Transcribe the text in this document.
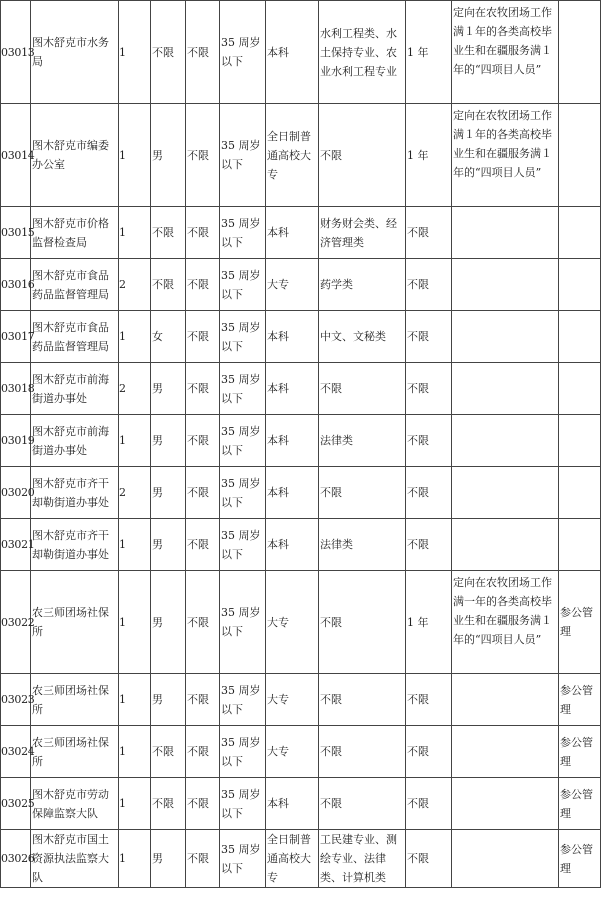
03013	图木舒克市水务局	1	不限	不限	35 周岁以下	本科	水利工程类、水土保持专业、农业水利工程专业	1 年	定向在农牧团场工作满１年的各类高校毕业生和在疆服务满１年的“四项目人员”	
03014	图木舒克市编委办公室	1	男	不限	35 周岁以下	全日制普通高校大专	不限	1 年	定向在农牧团场工作满１年的各类高校毕业生和在疆服务满１年的“四项目人员”	
03015	图木舒克市价格监督检查局	1	不限	不限	35 周岁以下	本科	财务财会类、经济管理类	不限		
03016	图木舒克市食品药品监督管理局	2	不限	不限	35 周岁以下	大专	药学类	不限		
03017	图木舒克市食品药品监督管理局	1	女	不限	35 周岁以下	本科	中文、文秘类	不限		
03018	图木舒克市前海街道办事处	2	男	不限	35 周岁以下	本科	不限	不限		
03019	图木舒克市前海街道办事处	1	男	不限	35 周岁以下	本科	法律类	不限		
03020	图木舒克市齐干却勒街道办事处	2	男	不限	35 周岁以下	本科	不限	不限		
03021	图木舒克市齐干却勒街道办事处	1	男	不限	35 周岁以下	本科	法律类	不限		
03022	农三师团场社保所	1	男	不限	35 周岁以下	大专	不限	1 年	定向在农牧团场工作满一年的各类高校毕业生和在疆服务满１年的“四项目人员”	参公管理
03023	农三师团场社保所	1	男	不限	35 周岁以下	大专	不限	不限		参公管理
03024	农三师团场社保所	1	不限	不限	35 周岁以下	大专	不限	不限		参公管理
03025	图木舒克市劳动保障监察大队	1	不限	不限	35 周岁以下	本科	不限	不限		参公管理
03026	图木舒克市国土资源执法监察大队	1	男	不限	35 周岁以下	全日制普通高校大专	工民建专业、测绘专业、法律类、计算机类	不限		参公管理
